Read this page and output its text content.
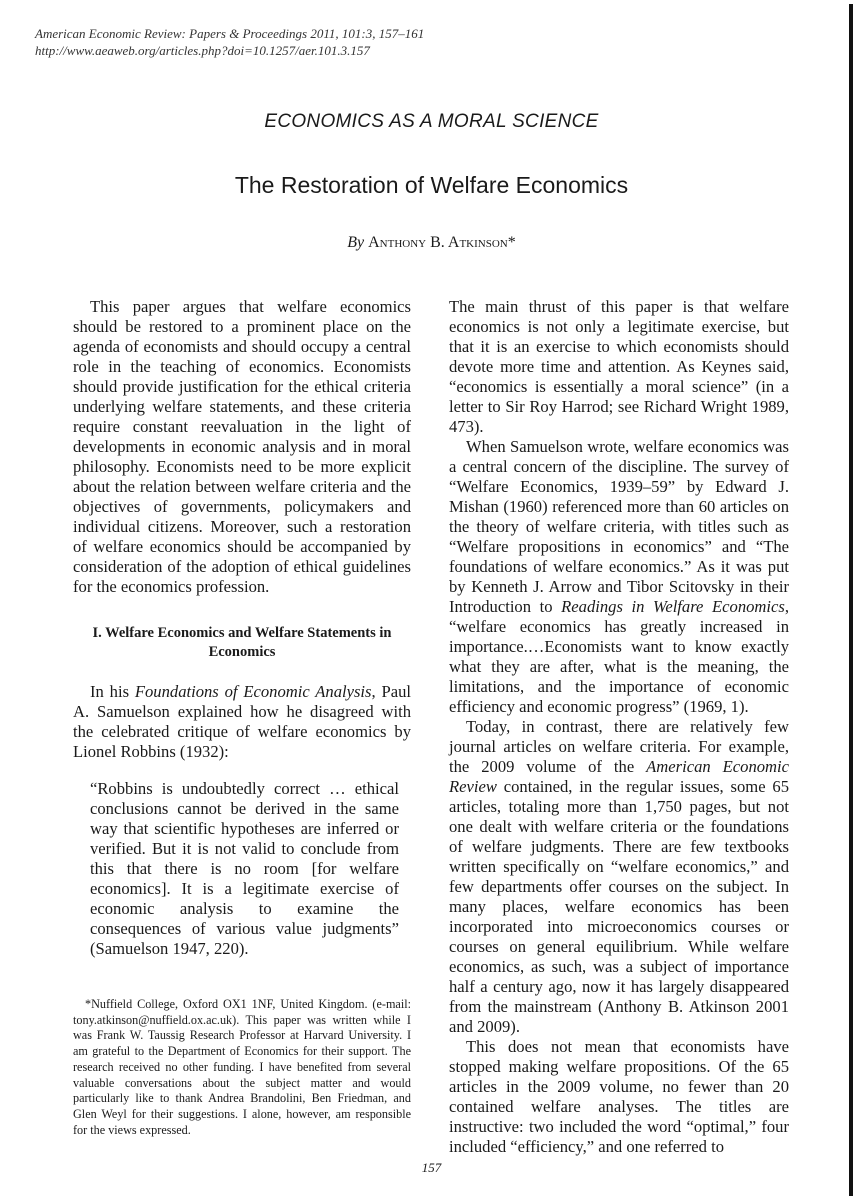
American Economic Review: Papers & Proceedings 2011, 101:3, 157–161
http://www.aeaweb.org/articles.php?doi=10.1257/aer.101.3.157
ECONOMICS AS A MORAL SCIENCE
The Restoration of Welfare Economics
By Anthony B. Atkinson*

This paper argues that welfare economics should be restored to a prominent place on the agenda of economists and should occupy a central role in the teaching of economics. Economists should provide justification for the ethical criteria underlying welfare statements, and these criteria require constant reevaluation in the light of developments in economic analysis and in moral philosophy. Economists need to be more explicit about the relation between welfare criteria and the objectives of governments, policymakers and individual citizens. Moreover, such a restoration of welfare economics should be accompanied by consideration of the adoption of ethical guidelines for the economics profession.

I. Welfare Economics and Welfare Statements in Economics

In his Foundations of Economic Analysis, Paul A. Samuelson explained how he disagreed with the celebrated critique of welfare economics by Lionel Robbins (1932):

“Robbins is undoubtedly correct … ethical conclusions cannot be derived in the same way that scientific hypotheses are inferred or verified. But it is not valid to conclude from this that there is no room [for welfare economics]. It is a legitimate exercise of economic analysis to examine the consequences of various value judgments” (Samuelson 1947, 220).

*Nuffield College, Oxford OX1 1NF, United Kingdom. (e-mail: tony.atkinson@nuffield.ox.ac.uk). This paper was written while I was Frank W. Taussig Research Professor at Harvard University. I am grateful to the Department of Economics for their support. The research received no other funding. I have benefited from several valuable conversations about the subject matter and would particularly like to thank Andrea Brandolini, Ben Friedman, and Glen Weyl for their suggestions. I alone, however, am responsible for the views expressed.

The main thrust of this paper is that welfare economics is not only a legitimate exercise, but that it is an exercise to which economists should devote more time and attention. As Keynes said, “economics is essentially a moral science” (in a letter to Sir Roy Harrod; see Richard Wright 1989, 473).

When Samuelson wrote, welfare economics was a central concern of the discipline. The survey of “Welfare Economics, 1939–59” by Edward J. Mishan (1960) referenced more than 60 articles on the theory of welfare criteria, with titles such as “Welfare propositions in economics” and “The foundations of welfare economics.” As it was put by Kenneth J. Arrow and Tibor Scitovsky in their Introduction to Readings in Welfare Economics, “welfare economics has greatly increased in importance.…Economists want to know exactly what they are after, what is the meaning, the limitations, and the importance of economic efficiency and economic progress” (1969, 1).

Today, in contrast, there are relatively few journal articles on welfare criteria. For example, the 2009 volume of the American Economic Review contained, in the regular issues, some 65 articles, totaling more than 1,750 pages, but not one dealt with welfare criteria or the foundations of welfare judgments. There are few textbooks written specifically on “welfare economics,” and few departments offer courses on the subject. In many places, welfare economics has been incorporated into microeconomics courses or courses on general equilibrium. While welfare economics, as such, was a subject of importance half a century ago, now it has largely disappeared from the mainstream (Anthony B. Atkinson 2001 and 2009).

This does not mean that economists have stopped making welfare propositions. Of the 65 articles in the 2009 volume, no fewer than 20 contained welfare analyses. The titles are instructive: two included the word “optimal,” four included “efficiency,” and one referred to

157
